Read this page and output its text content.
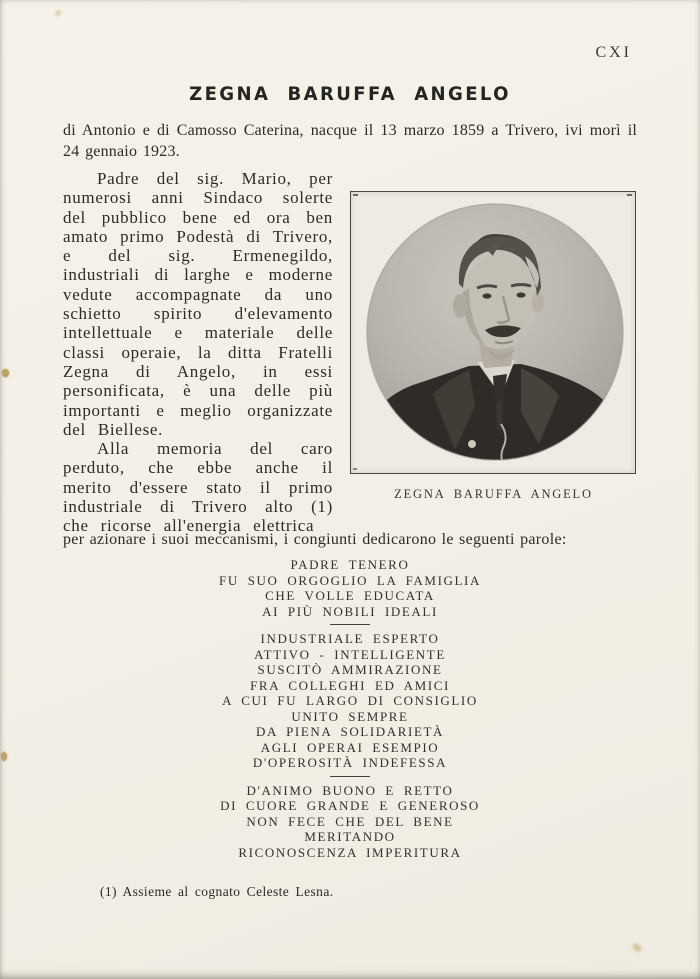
CXI
ZEGNA BARUFFA ANGELO
di Antonio e di Camosso Caterina, nacque il 13 marzo 1859 a Trivero, ivi morì il 24 gennaio 1923.

Padre del sig. Mario, per numerosi anni Sindaco solerte del pubblico bene ed ora ben amato primo Podestà di Trivero, e del sig. Ermenegildo, industriali di larghe e moderne vedute accompagnate da uno schietto spirito d'elevamento intellettuale e materiale delle classi operaie, la ditta Fratelli Zegna di Angelo, in essi personificata, è una delle più importanti e meglio organizzate del Biellese.

Alla memoria del caro perduto, che ebbe anche il merito d'essere stato il primo industriale di Trivero alto (1) che ricorse all'energia elettrica

ZEGNA BARUFFA ANGELO
per azionare i suoi meccanismi, i congiunti dedicarono le seguenti parole:
PADRE TENERO
FU SUO ORGOGLIO LA FAMIGLIA
CHE VOLLE EDUCATA
AI PIÙ NOBILI IDEALI
INDUSTRIALE ESPERTO
ATTIVO - INTELLIGENTE
SUSCITÒ AMMIRAZIONE
FRA COLLEGHI ED AMICI
A CUI FU LARGO DI CONSIGLIO
UNITO SEMPRE
DA PIENA SOLIDARIETÀ
AGLI OPERAI ESEMPIO
D'OPEROSITÀ INDEFESSA
D'ANIMO BUONO E RETTO
DI CUORE GRANDE E GENEROSO
NON FECE CHE DEL BENE
MERITANDO
RICONOSCENZA IMPERITURA
(1) Assieme al cognato Celeste Lesna.
